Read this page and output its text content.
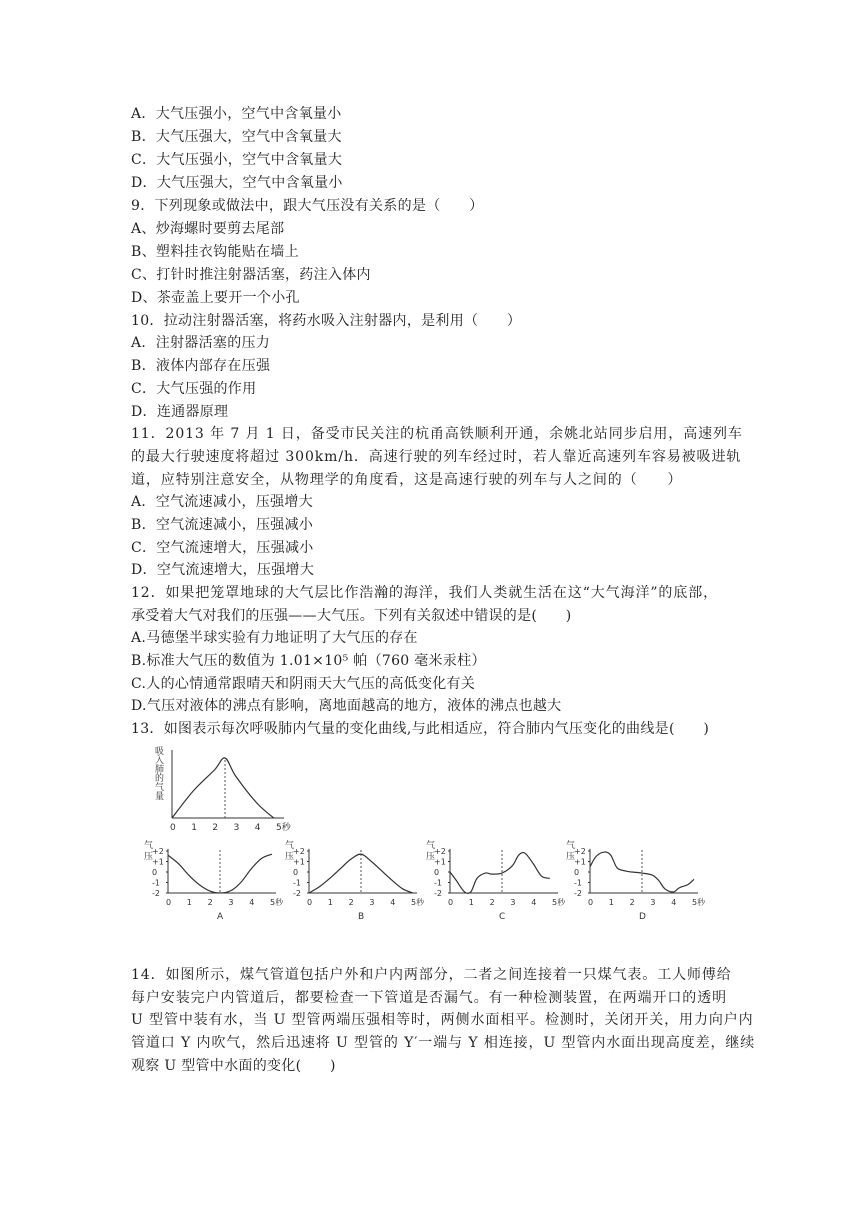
A．大气压强小，空气中含氧量小
B．大气压强大，空气中含氧量大
C．大气压强小，空气中含氧量大
D．大气压强大，空气中含氧量小
9．下列现象或做法中，跟大气压没有关系的是（　　）
A、炒海螺时要剪去尾部
B、塑料挂衣钩能贴在墙上
C、打针时推注射器活塞，药注入体内
D、茶壶盖上要开一个小孔
10．拉动注射器活塞，将药水吸入注射器内，是利用（　　）
A．注射器活塞的压力
B．液体内部存在压强
C．大气压强的作用
D．连通器原理
11．2013 年 7 月 1 日，备受市民关注的杭甬高铁顺利开通，余姚北站同步启用，高速列车
的最大行驶速度将超过 300km/h．高速行驶的列车经过时，若人靠近高速列车容易被吸进轨
道，应特别注意安全，从物理学的角度看，这是高速行驶的列车与人之间的（　　）
A．空气流速减小，压强增大
B．空气流速减小，压强减小
C．空气流速增大，压强减小
D．空气流速增大，压强增大
12．如果把笼罩地球的大气层比作浩瀚的海洋，我们人类就生活在这“大气海洋”的底部，
承受着大气对我们的压强——大气压。下列有关叙述中错误的是(　　)
A.马德堡半球实验有力地证明了大气压的存在
B.标准大气压的数值为 1.01×10⁵ 帕（760 毫米汞柱）
C.人的心情通常跟晴天和阴雨天大气压的高低变化有关
D.气压对液体的沸点有影响，离地面越高的地方，液体的沸点也越大
13．如图表示每次呼吸肺内气量的变化曲线,与此相适应，符合肺内气压变化的曲线是(　　)
吸入肺的气量
0 1 2 3 4 5秒
气
压
+2
+1
0
-1
-2
0 1 2 3 4 5秒
A
气
压
+2
+1
0
-1
-2
0 1 2 3 4 5秒
B
气
压
+2
+1
0
-1
-2
0 1 2 3 4 5秒
C
气
压
+2
+1
0
-1
-2
0 1 2 3 4 5秒
D
14．如图所示，煤气管道包括户外和户内两部分，二者之间连接着一只煤气表。工人师傅给
每户安装完户内管道后，都要检查一下管道是否漏气。有一种检测装置，在两端开口的透明
U 型管中装有水，当 U 型管两端压强相等时，两侧水面相平。检测时，关闭开关，用力向户内
管道口 Y 内吹气，然后迅速将 U 型管的 Y′一端与 Y 相连接，U 型管内水面出现高度差，继续
观察 U 型管中水面的变化(　　)
